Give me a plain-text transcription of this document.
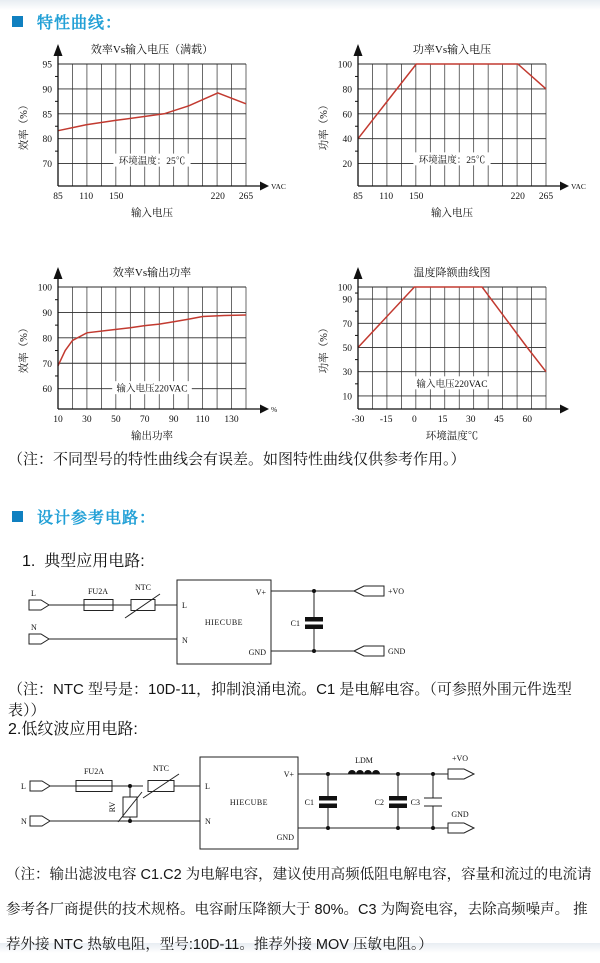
特性曲线：
95
90
85
80
70	环境温度：25℃
VAC
85 110 150	220 265
效率Vs输入电压（满载）
输入电压
效率（%）
100
80
60
40
20	环境温度：25℃
VAC
85 110 150	220 265
功率Vs输入电压
输入电压
功率（%）
100
90
80
70
60	输入电压220VAC
%
10 30 50 70 90 110 130
效率Vs输出功率
输出功率
效率（%）
100
90
70
50
30
10
输入电压220VAC
-30 -15 0 15 30 45 60
温度降额曲线图
环境温度℃
功率（%）
（注：不同型号的特性曲线会有误差。如图特性曲线仅供参考作用。）
设计参考电路：
1.  典型应用电路:
L
N
FU2A	NTC
L
N
HIECUBE
V+
GND
C1
+VO
GND
（注：NTC 型号是：10D-11，抑制浪涌电流。C1 是电解电容。（可参照外围元件选型表））
2.低纹波应用电路:
L
N
FU2A
RV
NTC
L
N
HIECUBE
V+
GND
C1
LDM
C2	C3
+VO
GND
（注：输出滤波电容 C1.C2 为电解电容，建议使用高频低阻电解电容，容量和流过的电流请参考各厂商提供的技术规格。电容耐压降额大于 80%。C3 为陶瓷电容，去除高频噪声。 推荐外接 NTC 热敏电阻，型号:10D-11。推荐外接 MOV 压敏电阻。）
